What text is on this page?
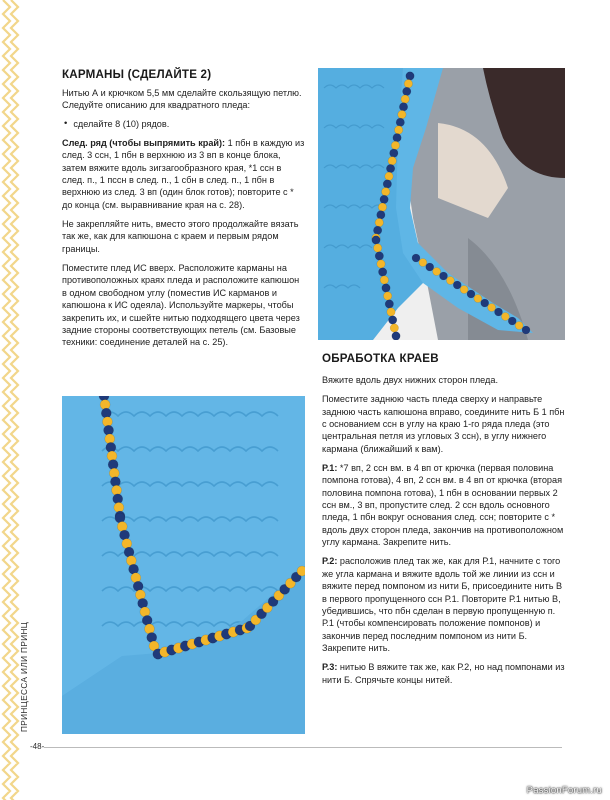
ПРИНЦЕССА ИЛИ ПРИНЦ
-48-
КАРМАНЫ (СДЕЛАЙТЕ 2)

Нитью А и крючком 5,5 мм сделайте скользящую петлю. Следуйте описанию для квадратного пледа:

• сделайте 8 (10) рядов.

След. ряд (чтобы выпрямить край): 1 пбн в каждую из след. 3 ссн, 1 пбн в верхнюю из 3 вп в конце блока, затем вяжите вдоль зигзагообразного края, *1 ссн в след. п., 1 пссн в след. п., 1 сбн в след. п., 1 пбн в верхнюю из след. 3 вп (один блок готов); повторите с * до конца (см. выравнивание края на с. 28).

Не закрепляйте нить, вместо этого продолжайте вязать так же, как для капюшона с краем и первым рядом границы.

Поместите плед ИС вверх. Расположите карманы на противоположных краях пледа и расположите капюшон в одном свободном углу (поместив ИС карманов и капюшона к ИС одеяла). Используйте маркеры, чтобы закрепить их, и сшейте нитью подходящего цвета через задние стороны соответствующих петель (см. Базовые техники: соединение деталей на с. 25).

ОБРАБОТКА КРАЕВ

Вяжите вдоль двух нижних сторон пледа.

Поместите заднюю часть пледа сверху и направьте заднюю часть капюшона вправо, соедините нить Б 1 пбн с основанием ссн в углу на краю 1-го ряда пледа (это центральная петля из угловых 3 ссн), в углу нижнего кармана (ближайший к вам).

Р.1: *7 вп, 2 ссн вм. в 4 вп от крючка (первая половина помпона готова), 4 вп, 2 ссн вм. в 4 вп от крючка (вторая половина помпона готова), 1 пбн в основании первых 2 ссн вм., 3 вп, пропустите след. 2 ссн вдоль основного пледа, 1 пбн вокруг основания след. ссн; повторите с * вдоль двух сторон пледа, закончив на противоположном углу кармана. Закрепите нить.

Р.2: расположив плед так же, как для Р.1, начните с того же угла кармана и вяжите вдоль той же линии из ссн и вяжите перед помпоном из нити Б, присоедините нить В в первого пропущенного ссн Р.1. Повторите Р.1 нитью В, убедившись, что пбн сделан в первую пропущенную п. Р.1 (чтобы компенсировать положение помпонов) и закончив перед последним помпоном из нити Б. Закрепите нить.

Р.3: нитью В вяжите так же, как Р.2, но над помпонами из нити Б. Спрячьте концы нитей.

PassionForum.ru
